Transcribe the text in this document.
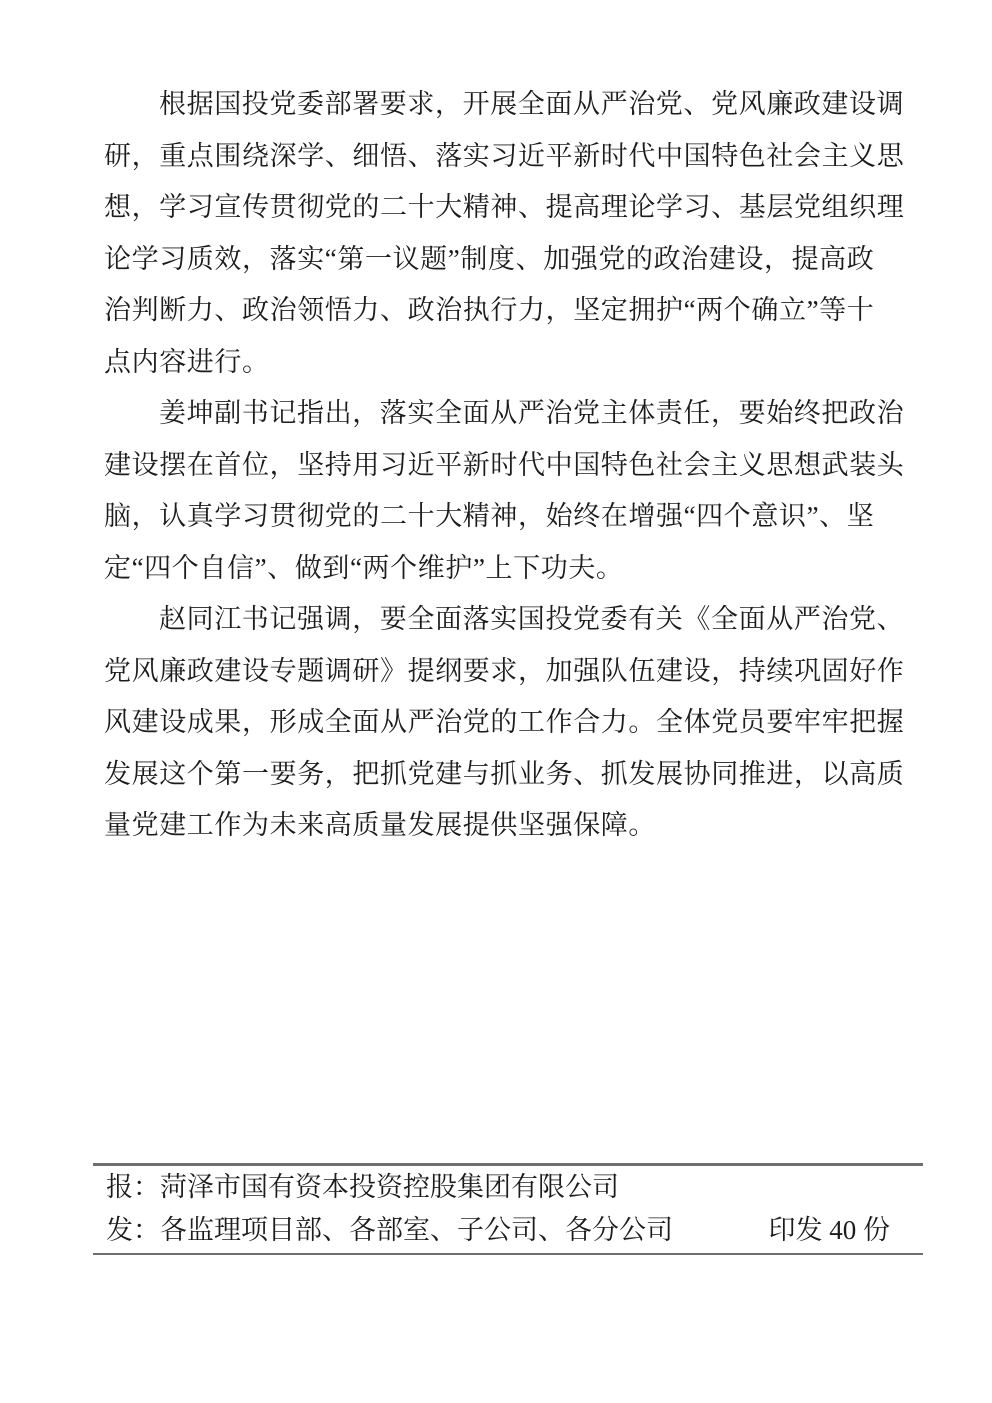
根据国投党委部署要求，开展全面从严治党、党风廉政建设调
研，重点围绕深学、细悟、落实习近平新时代中国特色社会主义思
想，学习宣传贯彻党的二十大精神、提高理论学习、基层党组织理
论学习质效，落实“第一议题”制度、加强党的政治建设，提高政
治判断力、政治领悟力、政治执行力，坚定拥护“两个确立”等十
点内容进行。
姜坤副书记指出，落实全面从严治党主体责任，要始终把政治
建设摆在首位，坚持用习近平新时代中国特色社会主义思想武装头
脑，认真学习贯彻党的二十大精神，始终在增强“四个意识”、坚
定“四个自信”、做到“两个维护”上下功夫。
赵同江书记强调，要全面落实国投党委有关《全面从严治党、
党风廉政建设专题调研》提纲要求，加强队伍建设，持续巩固好作
风建设成果，形成全面从严治党的工作合力。全体党员要牢牢把握
发展这个第一要务，把抓党建与抓业务、抓发展协同推进，以高质
量党建工作为未来高质量发展提供坚强保障。
报：菏泽市国有资本投资控股集团有限公司
发：各监理项目部、各部室、子公司、各分公司	印发 40 份
